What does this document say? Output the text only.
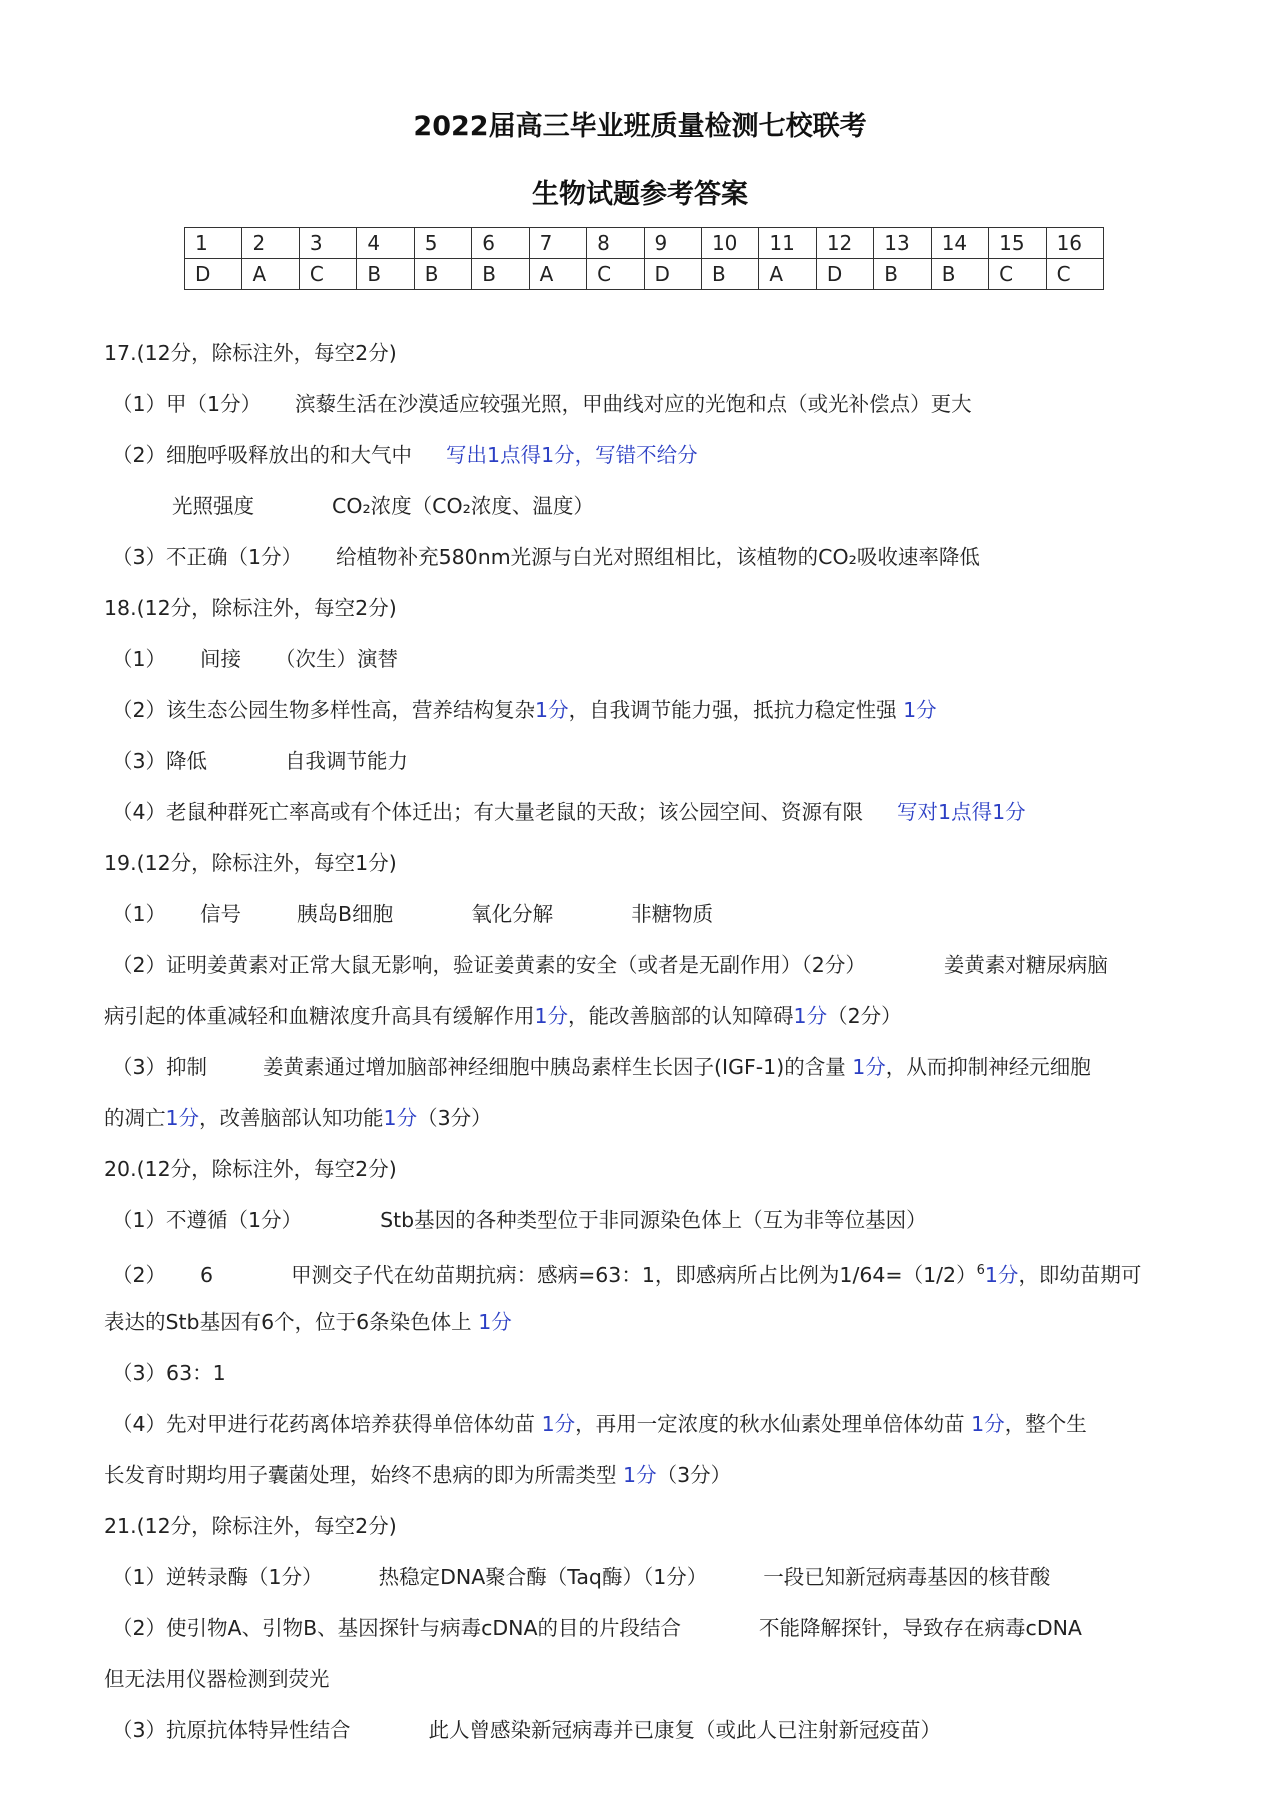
2022届高三毕业班质量检测七校联考
生物试题参考答案
1	2	3	4	5	6	7	8	9	10	11	12	13	14	15	16
D	A	C	B	B	B	A	C	D	B	A	D	B	B	C	C
17.(12分，除标注外，每空2分)
（1）甲（1分） 滨藜生活在沙漠适应较强光照，甲曲线对应的光饱和点（或光补偿点）更大
（2）细胞呼吸释放出的和大气中 写出1点得1分，写错不给分
光照强度	CO₂浓度（CO₂浓度、温度）
（3）不正确（1分） 给植物补充580nm光源与白光对照组相比，该植物的CO₂吸收速率降低
18.(12分，除标注外，每空2分)
（1） 间接 （次生）演替
（2）该生态公园生物多样性高，营养结构复杂1分，自我调节能力强，抵抗力稳定性强 1分
（3）降低	自我调节能力
（4）老鼠种群死亡率高或有个体迁出；有大量老鼠的天敌；该公园空间、资源有限 写对1点得1分
19.(12分，除标注外，每空1分)
（1） 信号	胰岛B细胞	氧化分解	非糖物质
（2）证明姜黄素对正常大鼠无影响，验证姜黄素的安全（或者是无副作用）（2分）	姜黄素对糖尿病脑
病引起的体重减轻和血糖浓度升高具有缓解作用1分，能改善脑部的认知障碍1分（2分）
（3）抑制	姜黄素通过增加脑部神经细胞中胰岛素样生长因子(IGF-1)的含量 1分，从而抑制神经元细胞
的凋亡1分，改善脑部认知功能1分（3分）
20.(12分，除标注外，每空2分)
（1）不遵循（1分）	Stb基因的各种类型位于非同源染色体上（互为非等位基因）
（2） 6	甲测交子代在幼苗期抗病：感病=63：1，即感病所占比例为$1/64=(1/2)^61$分，即幼苗期可
表达的Stb基因有6个，位于6条染色体上 1分
（3）63：1
（4）先对甲进行花药离体培养获得单倍体幼苗 1分，再用一定浓度的秋水仙素处理单倍体幼苗 1分，整个生
长发育时期均用子囊菌处理，始终不患病的即为所需类型 1分（3分）
21.(12分，除标注外，每空2分)
（1）逆转录酶（1分）	热稳定DNA聚合酶（Taq酶）（1分）	一段已知新冠病毒基因的核苷酸
（2）使引物A、引物B、基因探针与病毒cDNA的目的片段结合	不能降解探针，导致存在病毒cDNA
但无法用仪器检测到荧光
（3）抗原抗体特异性结合	此人曾感染新冠病毒并已康复（或此人已注射新冠疫苗）
